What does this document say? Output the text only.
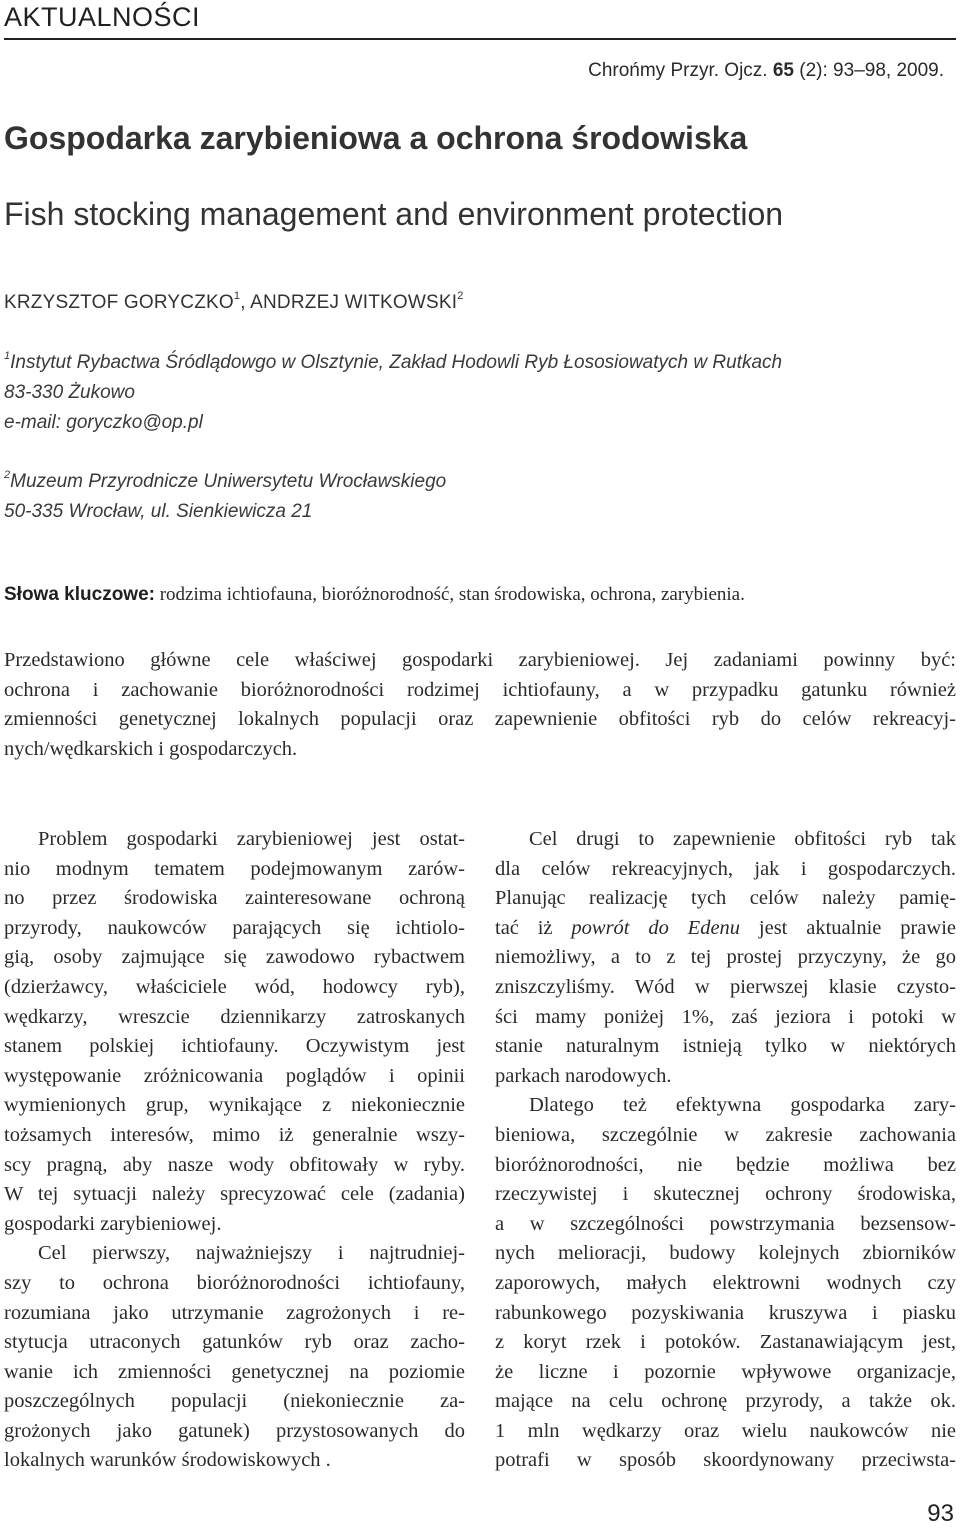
AKTUALNOŚCI
Chrońmy Przyr. Ojcz. 65 (2): 93–98, 2009.
Gospodarka zarybieniowa a ochrona środowiska
Fish stocking management and environment protection
KRZYSZTOF GORYCZKO$^1$, ANDRZEJ WITKOWSKI$^2$
$^1$Instytut Rybactwa Śródlądowgo w Olsztynie, Zakład Hodowli Ryb Łososiowatych w Rutkach
83-330 Żukowo
e-mail: goryczko@op.pl
$^2$Muzeum Przyrodnicze Uniwersytetu Wrocławskiego
50-335 Wrocław, ul. Sienkiewicza 21
Słowa kluczowe: rodzima ichtiofauna, bioróżnorodność, stan środowiska, ochrona, zarybienia.
Przedstawiono główne cele właściwej gospodarki zarybieniowej. Jej zadaniami powinny być:
ochrona i zachowanie bioróżnorodności rodzimej ichtiofauny, a w przypadku gatunku również
zmienności genetycznej lokalnych populacji oraz zapewnienie obfitości ryb do celów rekreacyj-
nych/wędkarskich i gospodarczych.
Problem gospodarki zarybieniowej jest ostat-
nio modnym tematem podejmowanym zarów-
no przez środowiska zainteresowane ochroną
przyrody, naukowców parających się ichtiolo-
gią, osoby zajmujące się zawodowo rybactwem
(dzierżawcy, właściciele wód, hodowcy ryb),
wędkarzy, wreszcie dziennikarzy zatroskanych
stanem polskiej ichtiofauny. Oczywistym jest
występowanie zróżnicowania poglądów i opinii
wymienionych grup, wynikające z niekoniecznie
tożsamych interesów, mimo iż generalnie wszy-
scy pragną, aby nasze wody obfitowały w ryby.
W tej sytuacji należy sprecyzować cele (zadania)
gospodarki zarybieniowej.
Cel pierwszy, najważniejszy i najtrudniej-
szy to ochrona bioróżnorodności ichtiofauny,
rozumiana jako utrzymanie zagrożonych i re-
stytucja utraconych gatunków ryb oraz zacho-
wanie ich zmienności genetycznej na poziomie
poszczególnych populacji (niekoniecznie za-
grożonych jako gatunek) przystosowanych do
lokalnych warunków środowiskowych .
Cel drugi to zapewnienie obfitości ryb tak
dla celów rekreacyjnych, jak i gospodarczych.
Planując realizację tych celów należy pamię-
tać iż powrót do Edenu jest aktualnie prawie
niemożliwy, a to z tej prostej przyczyny, że go
zniszczyliśmy. Wód w pierwszej klasie czysto-
ści mamy poniżej 1%, zaś jeziora i potoki w
stanie naturalnym istnieją tylko w niektórych
parkach narodowych.
Dlatego też efektywna gospodarka zary-
bieniowa, szczególnie w zakresie zachowania
bioróżnorodności, nie będzie możliwa bez
rzeczywistej i skutecznej ochrony środowiska,
a w szczególności powstrzymania bezsensow-
nych melioracji, budowy kolejnych zbiorników
zaporowych, małych elektrowni wodnych czy
rabunkowego pozyskiwania kruszywa i piasku
z koryt rzek i potoków. Zastanawiającym jest,
że liczne i pozornie wpływowe organizacje,
mające na celu ochronę przyrody, a także ok.
1 mln wędkarzy oraz wielu naukowców nie
potrafi w sposób skoordynowany przeciwsta-
93
